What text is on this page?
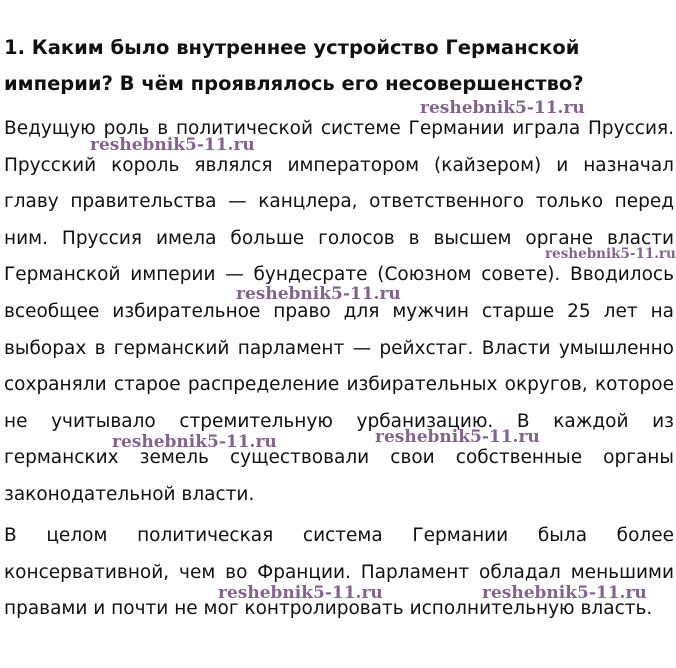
1. Каким было внутреннее устройство Германской империи? В чём проявлялось его несовершенство?

Ведущую роль в политической системе Германии играла Пруссия. Прусский король являлся императором (кайзером) и назначал главу правительства — канцлера, ответственного только перед ним. Пруссия имела больше голосов в высшем органе власти Германской империи — бундесрате (Союзном совете). Вводилось всеобщее избирательное право для мужчин старше 25 лет на выборах в германский парламент — рейхстаг. Власти умышленно сохраняли старое распределение избирательных округов, которое не учитывало стремительную урбанизацию. В каждой из германских земель существовали свои собственные органы законодательной власти.

В целом политическая система Германии была более консервативной, чем во Франции. Парламент обладал меньшими правами и почти не мог контролировать исполнительную власть.

reshebnik5-11.ru
reshebnik5-11.ru
reshebnik5-11.ru
reshebnik5-11.ru
reshebnik5-11.ru	reshebnik5-11.ru
reshebnik5-11.ru	reshebnik5-11.ru
